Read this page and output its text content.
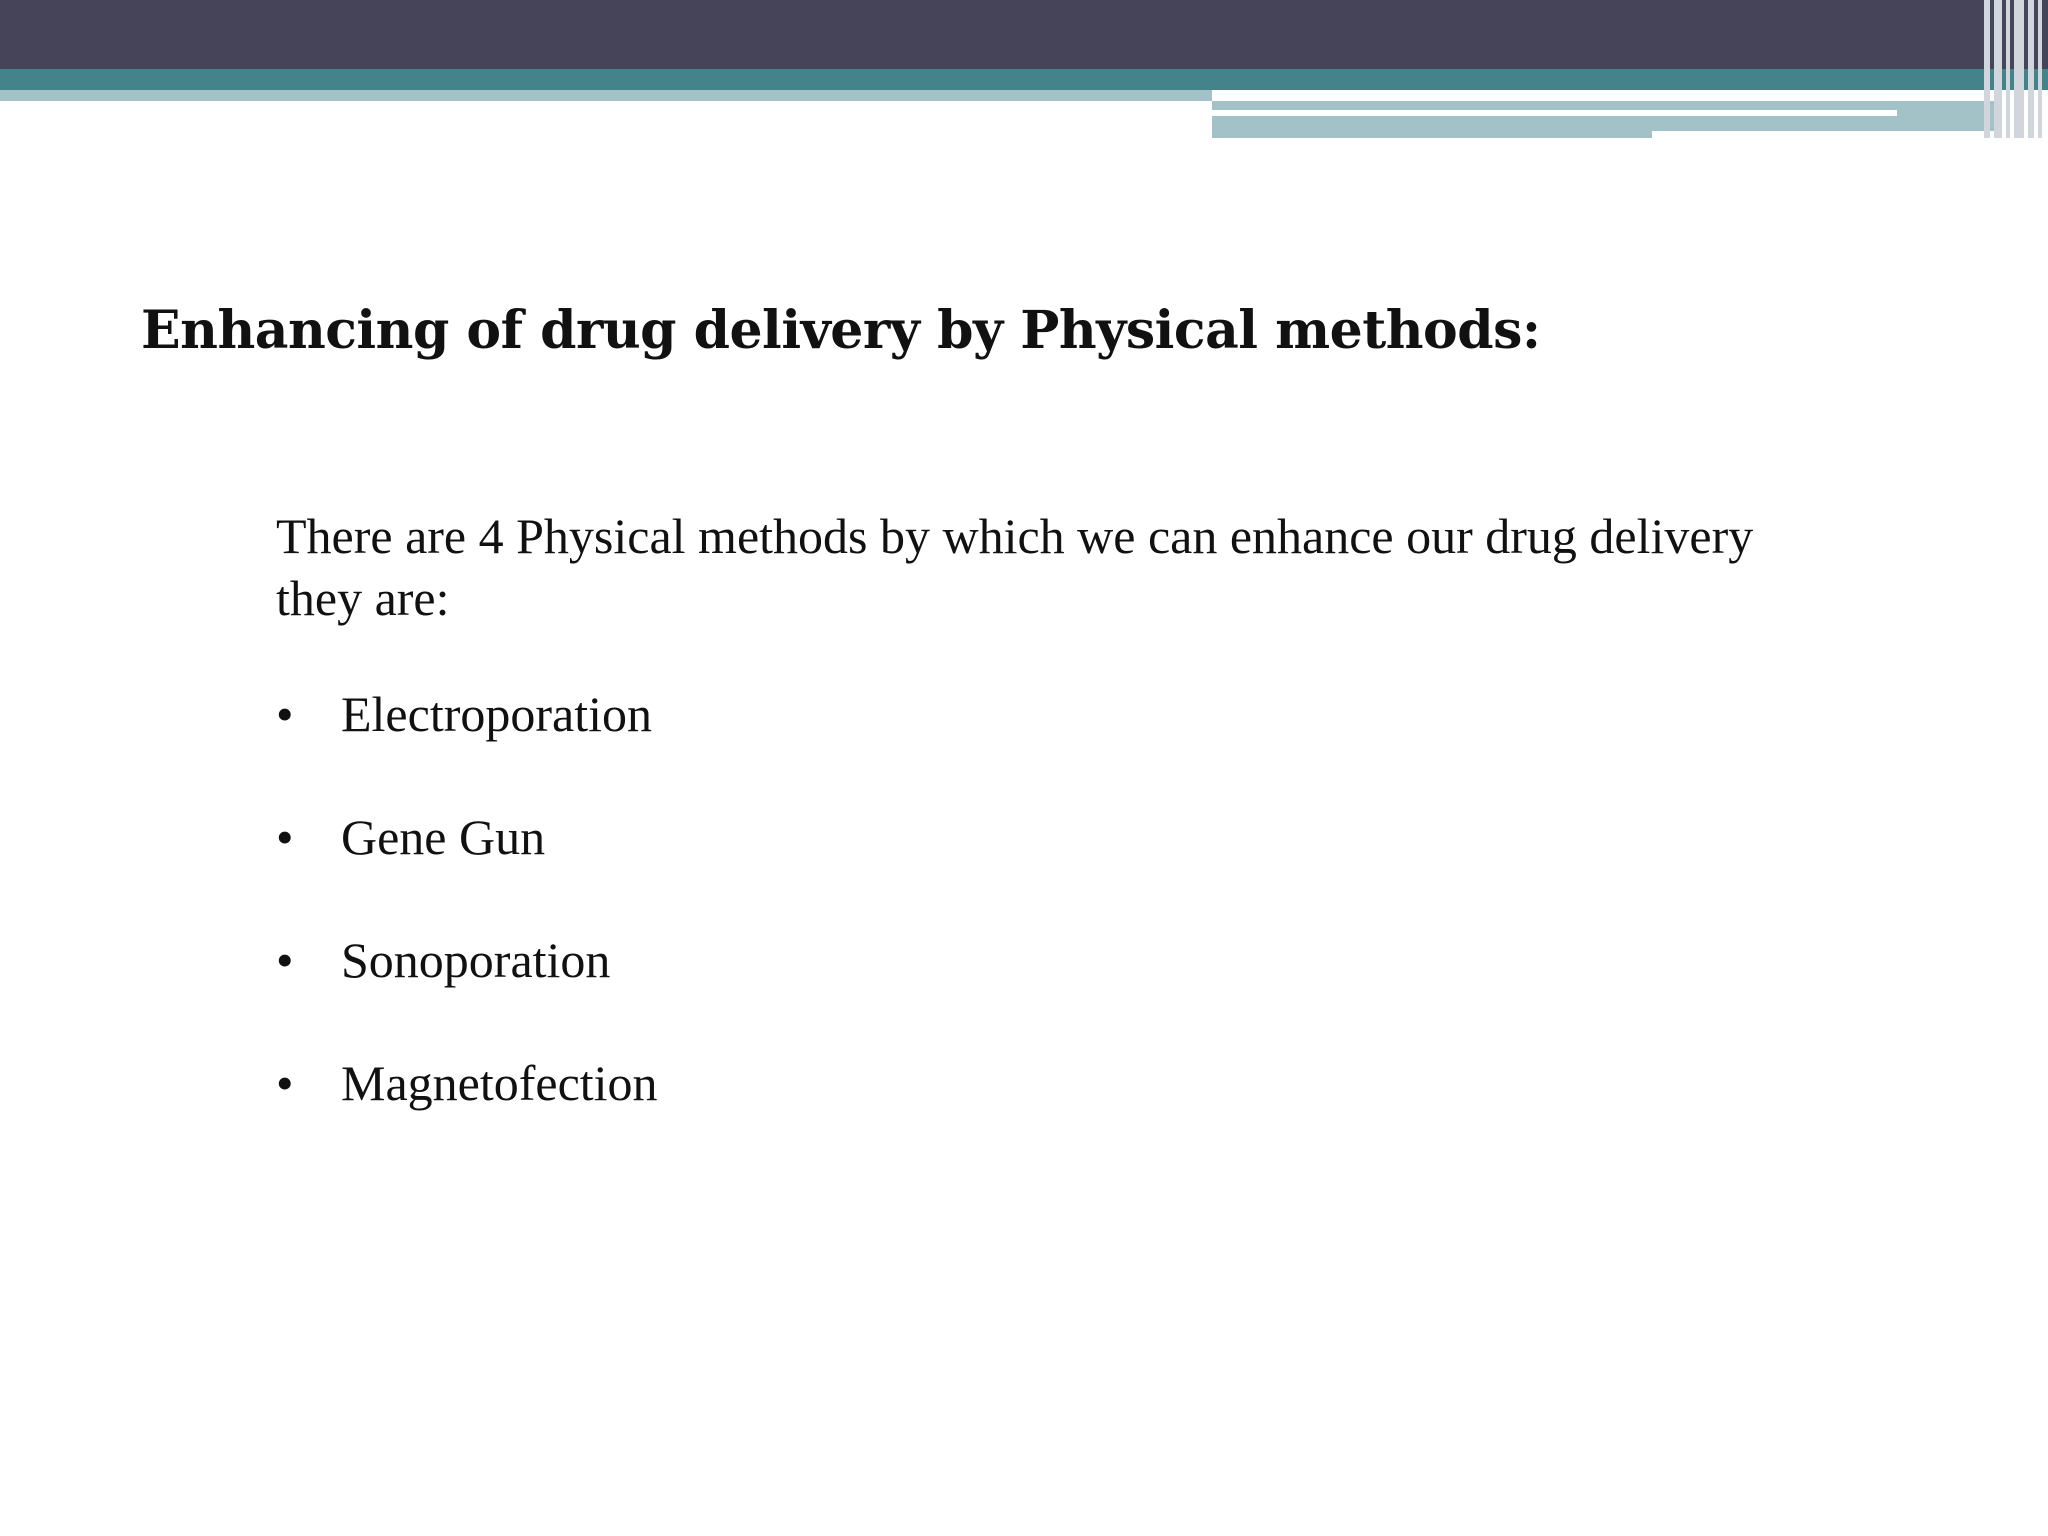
Enhancing of drug delivery by Physical methods:

There are 4 Physical methods by which we can enhance our drug delivery they are:

• Electroporation
• Gene Gun
• Sonoporation
• Magnetofection
